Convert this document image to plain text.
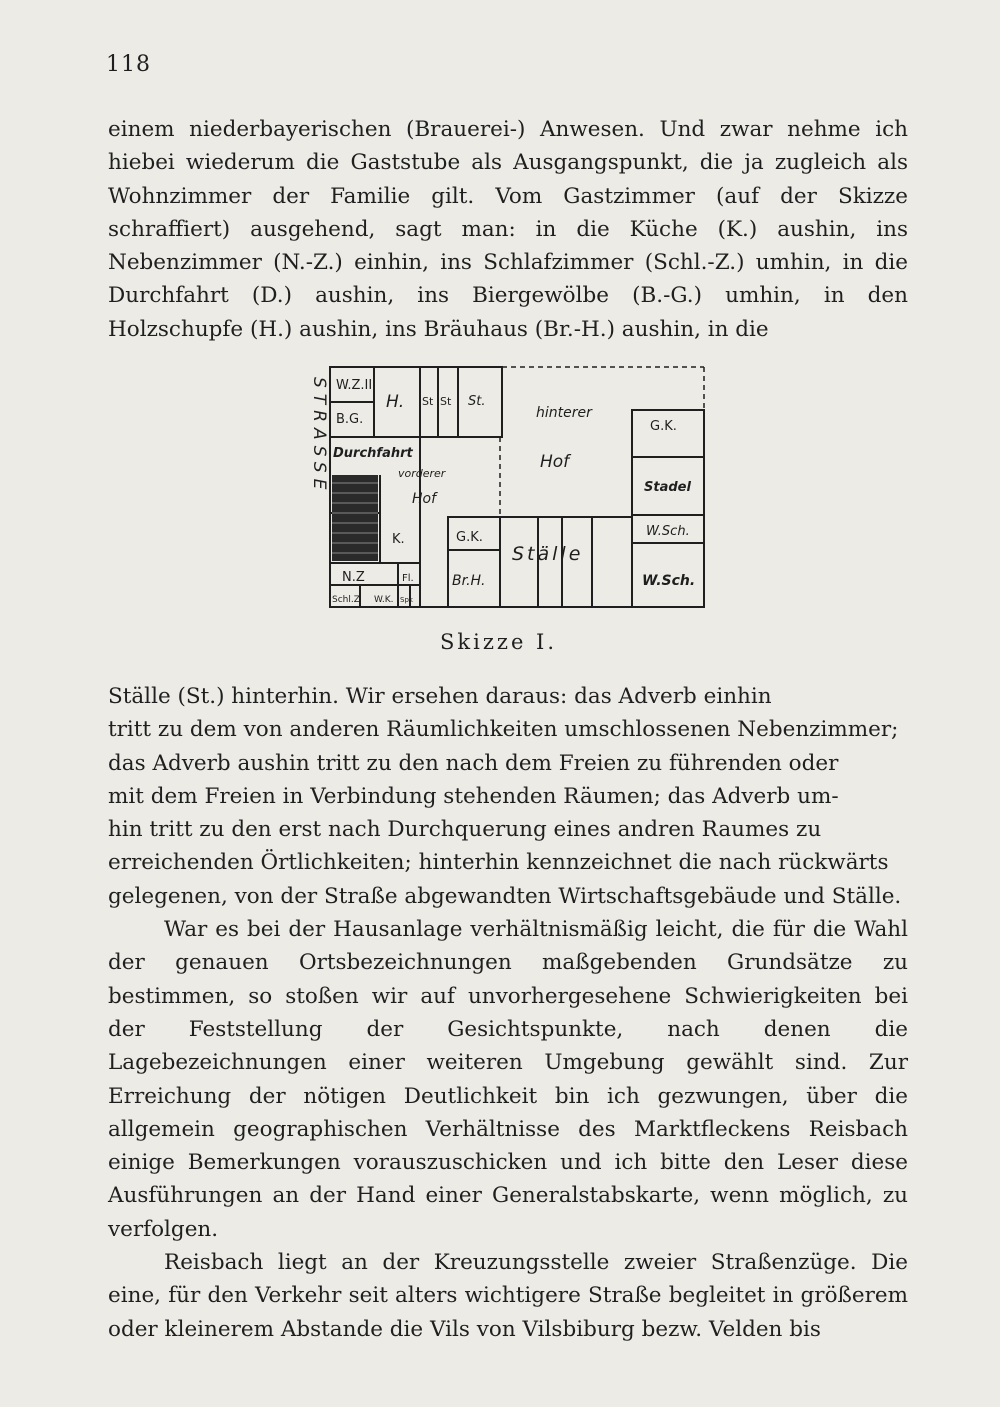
118

einem niederbayerischen (Brauerei-) Anwesen. Und zwar nehme ich hiebei wiederum die Gaststube als Ausgangspunkt, die ja zugleich als Wohnzimmer der Familie gilt. Vom Gastzimmer (auf der Skizze schraffiert) ausgehend, sagt man: in die Küche (K.) aushin, ins Nebenzimmer (N.-Z.) einhin, ins Schlafzimmer (Schl.-Z.) umhin, in die Durchfahrt (D.) aushin, ins Biergewölbe (B.-G.) umhin, in den Holzschupfe (H.) aushin, ins Bräuhaus (Br.-H.) aushin, in die

STRASSE W.Z.II
B.G.
H. St St St.
hinterer
G.K.
Durchfahrt
vorderer
Hof
Hof
Stadel
K.	G.K.
Ställe
W.Sch.
N.Z	Fl.	Br.H.	W.Sch.
Schl.Z W.K. Spk
Skizze I.
Ställe (St.) hinterhin. Wir ersehen daraus: das Adverb einhin
tritt zu dem von anderen Räumlichkeiten umschlossenen Nebenzimmer;
das Adverb aushin tritt zu den nach dem Freien zu führenden oder
mit dem Freien in Verbindung stehenden Räumen; das Adverb um-
hin tritt zu den erst nach Durchquerung eines andren Raumes zu
erreichenden Örtlichkeiten; hinterhin kennzeichnet die nach rückwärts
gelegenen, von der Straße abgewandten Wirtschaftsgebäude und Ställe.

War es bei der Hausanlage verhältnismäßig leicht, die für die Wahl der genauen Ortsbezeichnungen maßgebenden Grundsätze zu bestimmen, so stoßen wir auf unvorhergesehene Schwierigkeiten bei der Feststellung der Gesichtspunkte, nach denen die Lagebezeichnungen einer weiteren Umgebung gewählt sind. Zur Erreichung der nötigen Deutlichkeit bin ich gezwungen, über die allgemein geographischen Verhältnisse des Marktfleckens Reisbach einige Bemerkungen vorauszuschicken und ich bitte den Leser diese Ausführungen an der Hand einer Generalstabskarte, wenn möglich, zu verfolgen.

Reisbach liegt an der Kreuzungsstelle zweier Straßenzüge. Die eine, für den Verkehr seit alters wichtigere Straße begleitet in größerem oder kleinerem Abstande die Vils von Vilsbiburg bezw. Velden bis
